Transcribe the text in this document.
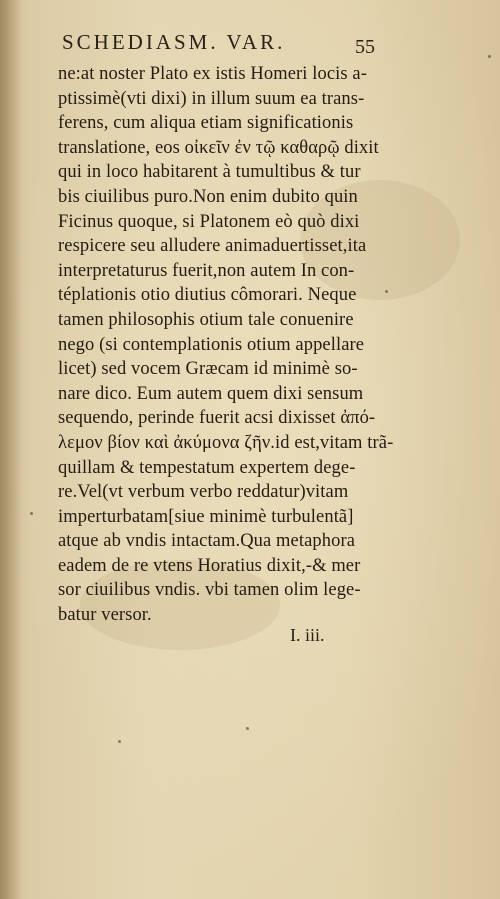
SCHEDIASM. VAR.	55
ne:at noster Plato ex istis Homeri locis a-
ptissimè(vti dixi) in illum suum ea trans-
ferens, cum aliqua etiam significationis
translatione, eos οἰκεῖν ἐν τῷ καθαρῷ dixit
qui in loco habitarent à tumultibus & tur
bis ciuilibus puro.Non enim dubito quin
Ficinus quoque, si Platonem eò quò dixi
respicere seu alludere animaduertisset,ita
interpretaturus fuerit,non autem In con-
téplationis otio diutius cômorari. Neque
tamen philosophis otium tale conuenire
nego (si contemplationis otium appellare
licet) sed vocem Græcam id minimè so-
nare dico. Eum autem quem dixi sensum
sequendo, perinde fuerit acsi dixisset ἀπό-
λεμον βίον καὶ ἀκύμονα ζῆν.id est,vitam trã-
quillam & tempestatum expertem dege-
re.Vel(vt verbum verbo reddatur)vitam
imperturbatam[siue minimè turbulentã]
atque ab vndis intactam.Qua metaphora
eadem de re vtens Horatius dixit,-& mer
sor ciuilibus vndis. vbi tamen olim lege-
batur versor.
I. iii.
